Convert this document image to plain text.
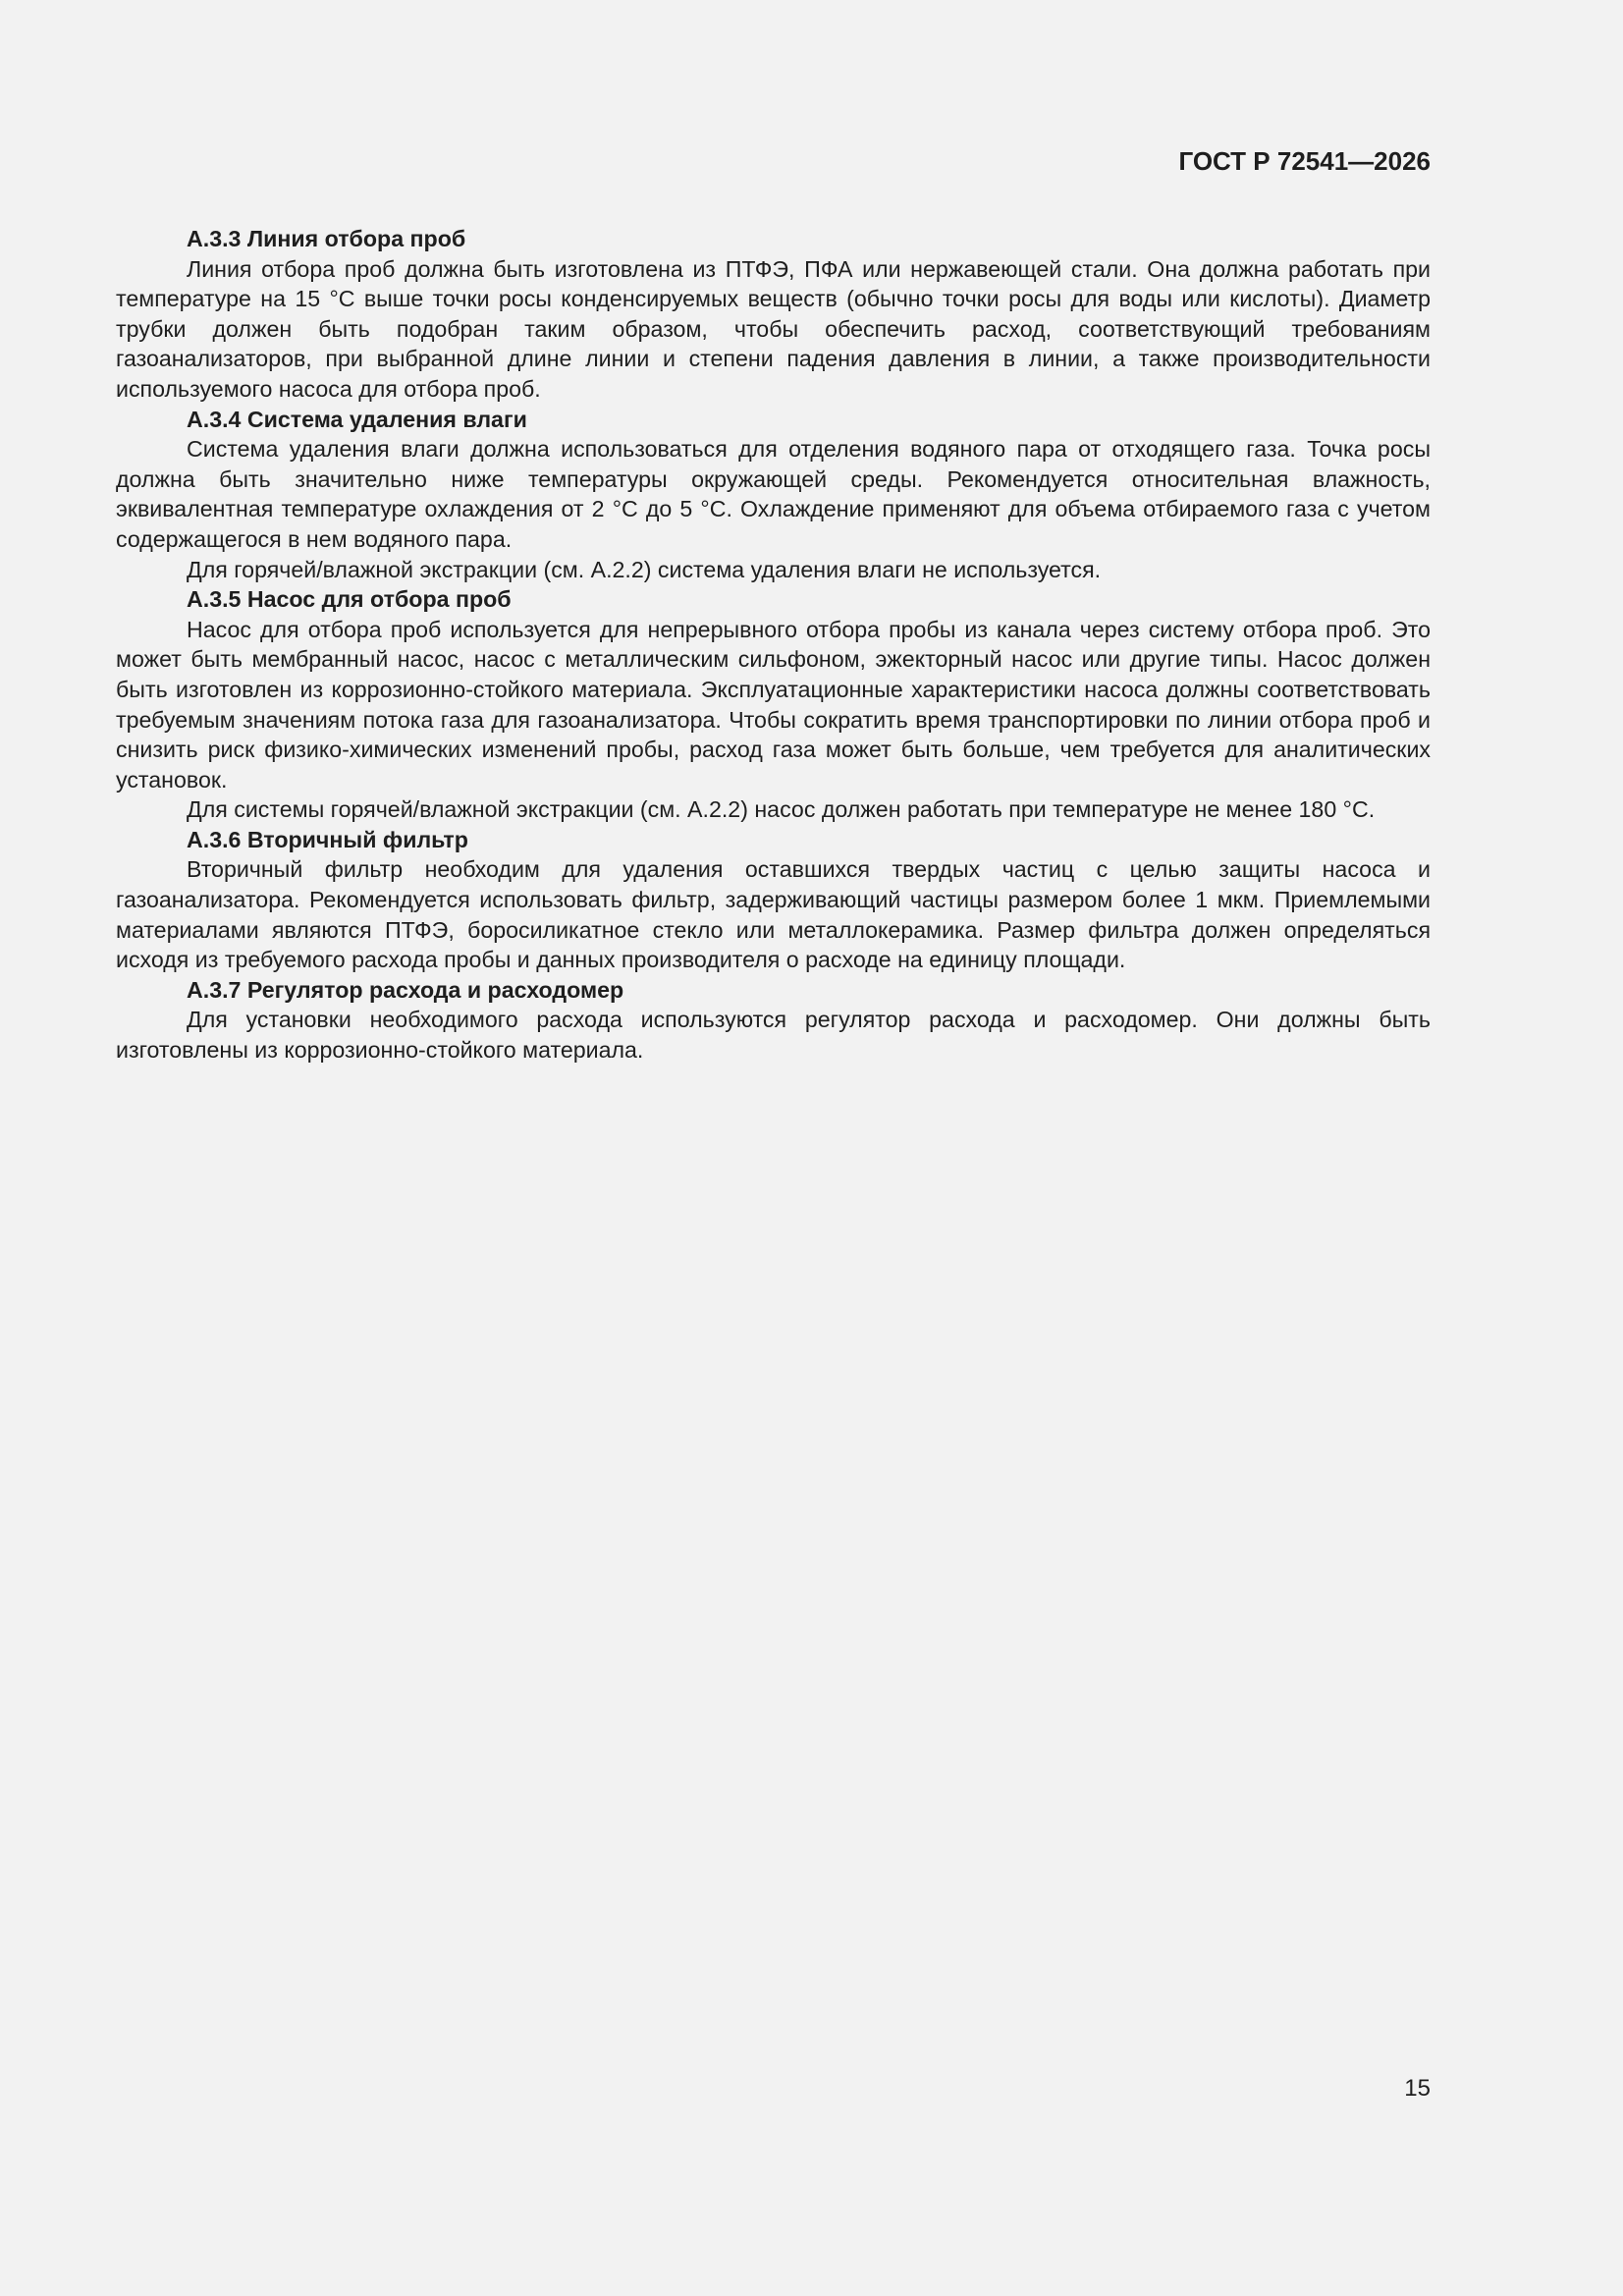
ГОСТ Р 72541—2026

А.3.3 Линия отбора проб

Линия отбора проб должна быть изготовлена из ПТФЭ, ПФА или нержавеющей стали. Она должна работать при температуре на 15 °С выше точки росы конденсируемых веществ (обычно точки росы для воды или кислоты). Диаметр трубки должен быть подобран таким образом, чтобы обеспечить расход, соответствующий требованиям газоанализаторов, при выбранной длине линии и степени падения давления в линии, а также производительности используемого насоса для отбора проб.

А.3.4 Система удаления влаги

Система удаления влаги должна использоваться для отделения водяного пара от отходящего газа. Точка росы должна быть значительно ниже температуры окружающей среды. Рекомендуется относительная влажность, эквивалентная температуре охлаждения от 2 °С до 5 °С. Охлаждение применяют для объема отбираемого газа с учетом содержащегося в нем водяного пара.

Для горячей/влажной экстракции (см. А.2.2) система удаления влаги не используется.

А.3.5 Насос для отбора проб

Насос для отбора проб используется для непрерывного отбора пробы из канала через систему отбора проб. Это может быть мембранный насос, насос с металлическим сильфоном, эжекторный насос или другие типы. Насос должен быть изготовлен из коррозионно-стойкого материала. Эксплуатационные характеристики насоса должны соответствовать требуемым значениям потока газа для газоанализатора. Чтобы сократить время транспортировки по линии отбора проб и снизить риск физико-химических изменений пробы, расход газа может быть больше, чем требуется для аналитических установок.

Для системы горячей/влажной экстракции (см. А.2.2) насос должен работать при температуре не менее 180 °С.

А.3.6 Вторичный фильтр

Вторичный фильтр необходим для удаления оставшихся твердых частиц с целью защиты насоса и газоанализатора. Рекомендуется использовать фильтр, задерживающий частицы размером более 1 мкм. Приемлемыми материалами являются ПТФЭ, боросиликатное стекло или металлокерамика. Размер фильтра должен определяться исходя из требуемого расхода пробы и данных производителя о расходе на единицу площади.

А.3.7 Регулятор расхода и расходомер

Для установки необходимого расхода используются регулятор расхода и расходомер. Они должны быть изготовлены из коррозионно-стойкого материала.

15
